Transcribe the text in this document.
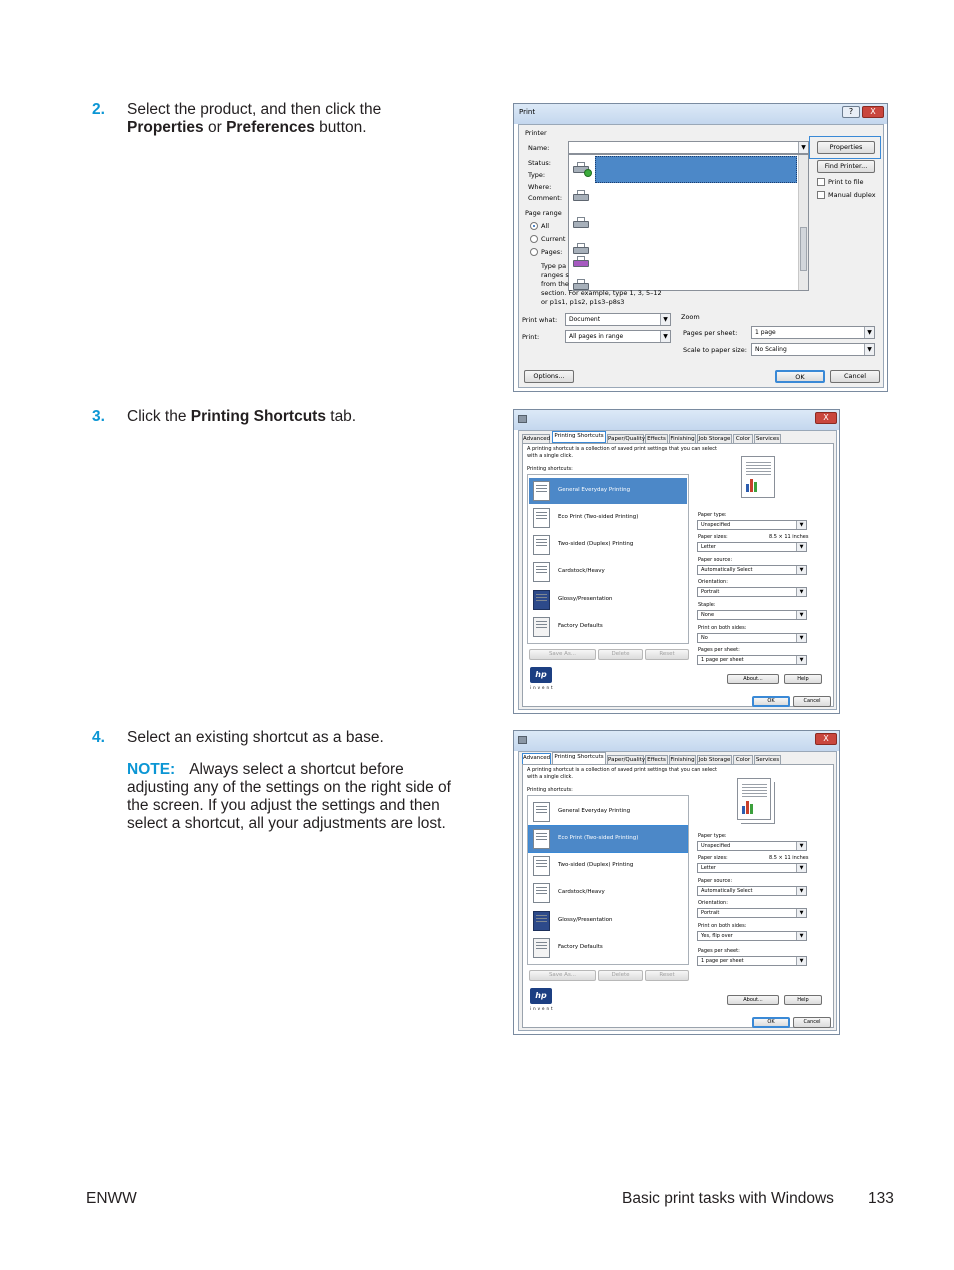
2. Select the product, and then click the Properties or Preferences button.
3. Click the Printing Shortcuts tab.
4. Select an existing shortcut as a base.
NOTE: Always select a shortcut before adjusting any of the settings on the right side of the screen. If you adjust the settings and then select a shortcut, all your adjustments are lost.
Print	?	X
Printer
Name:
Status:
Type:
Where:
Comment:
▼	Properties
Find Printer...
Print to file
Manual duplex
Page range
All
Current
Pages:
Type pa
ranges s
from the
section. For example, type 1, 3, 5–12
or p1s1, p1s2, p1s3–p8s3
Print what:	Document	▼
Print:	All pages in range	▼
Zoom
Pages per sheet:	1 page	▼
Scale to paper size:	No Scaling	▼
Options...	OK	Cancel
X
Advanced Printing Shortcuts Paper/Quality Effects Finishing Job Storage Color	Services
A printing shortcut is a collection of saved print settings that you can select
with a single click.
Printing shortcuts:
General Everyday Printing
Eco Print (Two-sided Printing)
Two-sided (Duplex) Printing
Cardstock/Heavy
Glossy/Presentation
Factory Defaults
Save As...	Delete	Reset
Paper type:
Unspecified	▼
Paper sizes:	8.5 × 11 inches
Letter	▼
Paper source:
Automatically Select	▼
Orientation:
Portrait	▼
Staple:
None	▼
Print on both sides:
No	▼
Pages per sheet:
1 page per sheet	▼
hp
invent
About...	Help
OK	Cancel
X
Advanced Printing Shortcuts Paper/Quality Effects Finishing Job Storage Color	Services
A printing shortcut is a collection of saved print settings that you can select
with a single click.
Printing shortcuts:
General Everyday Printing
Eco Print (Two-sided Printing)
Two-sided (Duplex) Printing
Cardstock/Heavy
Glossy/Presentation
Factory Defaults
Save As...	Delete	Reset
Paper type:
Unspecified	▼
Paper sizes:	8.5 × 11 inches
Letter	▼
Paper source:
Automatically Select	▼
Orientation:
Portrait	▼
Print on both sides:
Yes, flip over	▼
Pages per sheet:
1 page per sheet	▼
hp
invent
About...	Help
OK	Cancel
ENWW	Basic print tasks with Windows 133
